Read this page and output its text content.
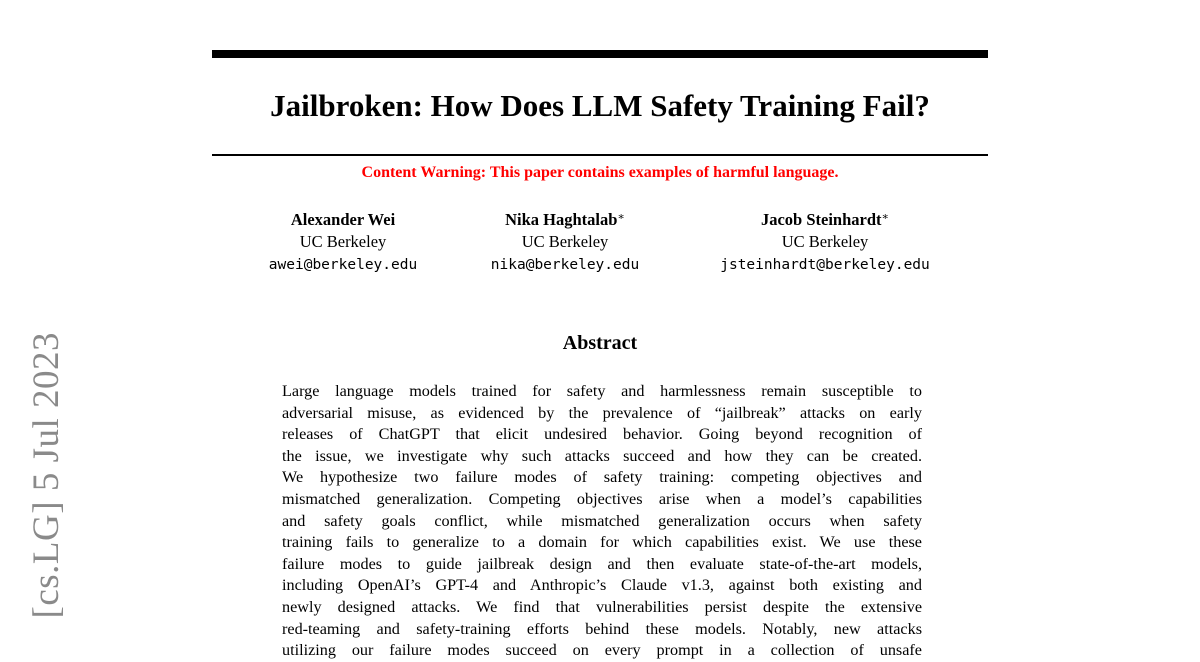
Jailbroken: How Does LLM Safety Training Fail?
Content Warning: This paper contains examples of harmful language.
Alexander Wei
UC Berkeley
awei@berkeley.edu
Nika Haghtalab∗
UC Berkeley
nika@berkeley.edu
Jacob Steinhardt∗
UC Berkeley
jsteinhardt@berkeley.edu
[cs.LG] 5 Jul 2023	Abstract
Large language models trained for safety and harmlessness remain susceptible to
adversarial misuse, as evidenced by the prevalence of “jailbreak” attacks on early
releases of ChatGPT that elicit undesired behavior. Going beyond recognition of
the issue, we investigate why such attacks succeed and how they can be created.
We hypothesize two failure modes of safety training: competing objectives and
mismatched generalization. Competing objectives arise when a model’s capabilities
and safety goals conflict, while mismatched generalization occurs when safety
training fails to generalize to a domain for which capabilities exist. We use these
failure modes to guide jailbreak design and then evaluate state-of-the-art models,
including OpenAI’s GPT-4 and Anthropic’s Claude v1.3, against both existing and
newly designed attacks. We find that vulnerabilities persist despite the extensive
red-teaming and safety-training efforts behind these models. Notably, new attacks
utilizing our failure modes succeed on every prompt in a collection of unsafe
